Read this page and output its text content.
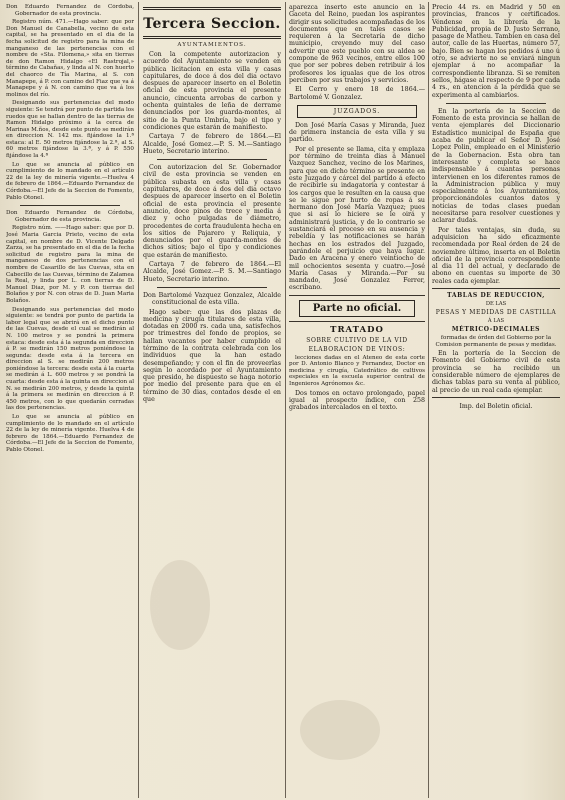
Don Eduardo Fernandez de Córdoba, Gobernador de esta provincia.

Registro núm. 471.—Hago saber: que por Don Manuel de Canabella, vecino de esta capital, se ha presentado en el dia de la fecha solicitud de registro para la mina de manganeso de las pertenencias con el nombre de «Sta. Filomena,» sita en tierras de don Ramon Hidalgo «El Rastrojal,» término de Cabañas, y linda al N. con huerto del chaorco de Tía Marina, al S. con Manapepe, á P. con camino del Fiaz que va á Manapepe y á N. con camino que va á los molinos del río.

Designando sus pertenencias del modo siguiente: Se tendrá por punto de partida los ruedos que se hallan dentro de las tierras de Ramon Hidalgo próximo á la cerca de Marinas M.ños, desde este punto se medirán en direccion N. 142 ms. fijándose la 1.ª estaca: al E. 50 metros fijándose la 2.ª, al S. 60 metros fijándose la 3.ª, y á P. 550 fijándose la 4.ª

Lo que se anuncia al público en cumplimiento de lo mandado en el artículo 22 de la ley de minería vigente.—Huelva 4 de febrero de 1864.—Eduardo Fernandez de Córdoba.—El Jefe de la Seccion de Fomento, Pablo Otonel.

Don Eduardo Fernandez de Córdoba, Gobernador de esta provincia.

Registro núm. ——Hago saber: que por D. José Maria Garcia Prieto, vecino de esta capital, en nombre de D. Vicente Delgado Zarza, se ha presentado en el dia de la fecha solicitud de registro para la mina de manganeso de dos pertenencias con el nombre de Casarillo de las Cuevas, sita en Cabecillo de las Cuevas, término de Zalamea la Real, y linda por L. con tierras de D. Manuel Diaz, por M. y P. con tierras del Bolaños y por N. con otras de D. Juan Maria Bolaños.

Designando sus pertenencias del modo siguiente: se tendrá por punto de partida la labor legal que se abrirá en el dicho punto de las Cuevas, desde el cual se medirán al N. 100 metros y se pondrá la primera estaca: desde esta á la segunda en direccion á P. se medirán 150 metros poniéndose la segunda: desde esta á la tercera en direccion al S. se medirán 200 metros poniéndose la tercera: desde esta á la cuarta se medirán á L. 600 metros y se pondrá la cuarta: desde esta á la quinta en direccion al N. se medirán 200 metros, y desde la quinta á la primera se medirán en direccion á P. 450 metros, con lo que quedarán cerradas las dos pertenencias.

Lo que se anuncia al público en cumplimiento de lo mandado en el artículo 22 de la ley de minería vigente. Huelva 4 de febrero de 1864.—Eduardo Fernandez de Córdoba.—El Jefe de la Seccion de Fomento, Pablo Otonel.

Tercera Seccion.
AYUNTAMIENTOS.

Con la competente autorizacion y acuerdo del Ayuntamiento se venden en pública licitacion en esta villa y casas capitulares, de doce á dos del dia octavo despues de aparecer inserto en el Boletin oficial de esta provincia el presente anuncio, cincuenta arrobas de carbon y ochenta quintales de leña de derrame denunciados por los guarda-montes, al sitio de la Punta Umbría, bajo el tipo y condiciones que estarán de manifiesto.

Cartaya 7 de febrero de 1864.—El Alcalde, José Gomez.—P. S. M.—Santiago Hueto, Secretario interino.

Con autorizacion del Sr. Gobernador civil de esta provincia se venden en pública subasta en esta villa y casas capitulares, de doce á dos del dia octavo despues de aparecer inserto en el Boletin oficial de esta provincia el presente anuncio, doce pinos de trece y media á diez y ocho pulgadas de diámetro, procedentes de corta fraudulenta hecha en los sitios de Pajarero y Reliquia, y denunciados por el guarda-montes de dichos sitios; bajo el tipo y condiciones que estarán de manifiesto.

Cartaya 7 de febrero de 1864.—El Alcalde, José Gomez.—P. S. M.—Santiago Hueto, Secretario interino.

Don Bartolomé Vazquez Gonzalez, Alcalde constitucional de esta villa.

Hago saber: que las dos plazas de medicina y cirugía titulares de esta villa, dotadas en 2000 rs. cada una, satisfechos por trimestres del fondo de propios, se hallan vacantes por haber cumplido el término de la contrata celebrada con los individuos que la han estado desempeñando; y con el fin de proveerlas según lo acordado por el Ayuntamiento que presido, he dispuesto se haga notorio por medio del presente para que en el término de 30 dias, contados desde el en que

aparezca inserto este anuncio en la Gaceta del Reino, puedan los aspirantes dirigir sus solicitudes acompañadas de los documentos que en tales casos se requieren á la Secretaría de dicho municipio, creyendo muy del caso advertir que este pueblo con su aldea se compone de 963 vecinos, entre ellos 100 que por ser pobres deben retribuir á los profesores los igualas que de los otros perciben por sus trabajos y servicios.

El Cerro y enero 18 de 1864.—Bartolomé V. Gonzalez.

JUZGADOS.

Don José María Casas y Miranda, Juez de primera instancia de esta villa y su partido.

Por el presente se llama, cita y emplaza por término de treinta dias á Manuel Vazquez Sanchez, vecino de los Marines, para que en dicho término se presente en este Juzgado y cárcel del partido á efecto de recibirle su indagatoria y contestar á los cargos que le resulten en la causa que se le sigue por hurto de ropas á su hermano don José María Vazquez; pues que si así lo hiciere se le oirá y administrará justicia, y de lo contrario se sustanciará el proceso en su ausencia y rebeldía y las notificaciones se harán hechas en los estrados del Juzgado, parándole el perjuicio que haya lugar. Dado en Aracena y enero veintiocho de mil ochocientos sesenta y cuatro.—José María Casas y Miranda.—Por su mandado, José Gonzalez Ferrer, escribano.

Parte no oficial.
TRATADO
SOBRE CULTIVO DE LA VID
ELABORACION DE VINOS:

lecciones dadas en el Ateneo de esta corte por D. Antonio Blanco y Fernandez, Doctor en medicina y cirugía, Catedrático de cultivos especiales en la escuela superior central de Ingenieros Agrónomos &c.

Dos tomos en octavo prolongado, papel igual al prospecto índice, con 258 grabados intercalados en el texto.

Precio 44 rs. en Madrid y 50 en provincias, francos y certificados. Véndense en la librería de la Publicidad, propia de D. Justo Serrano, pasage de Matheu. Tambien en casa del autor, calle de las Huertas, número 57, bajo. Bien se hagan los pedidos á uno ú otro, se advierte no se enviará ningun ejemplar á no acompañar la correspondiente libranza. Si se remiten sellos, hágase al respecto de 9 por cada 4 rs., en atencion á la pérdida que se experimenta al cambiarlos.

En la portería de la Seccion de Fomento de esta provincia se hallan de venta ejemplares del Diccionario Estadístico municipal de España que acaba de publicar el Señor D. José Lopez Polin, empleado en el Ministerio de la Gobernacion. Esta obra tan interesante y completa se hace indispensable á cuantas personas intervienen en los diferentes ramos de la Administracion pública y muy especialmente á los Ayuntamientos, proporcionándoles cuantos datos y noticias de todas clases puedan necesitarse para resolver cuestiones y aclarar dudas.

Por tales ventajas, sin duda, su adquisicion ha sido eficazmente recomendada por Real órden de 24 de noviembre último, inserta en el Boletin oficial de la provincia correspondiente al dia 11 del actual, y declarado de abono en cuentas su importe de 30 reales cada ejemplar.

TABLAS DE REDUCCION,
DE LAS
PESAS Y MEDIDAS DE CASTILLA
Á LAS
MÉTRICO-DECIMALES

formadas de órden del Gobierno por la Comision permanente de pesas y medidas.

En la portería de la Seccion de Fomento del Gobierno civil de esta provincia se ha recibido un considerable número de ejemplares de dichas tablas para su venta al público, al precio de un real cada ejemplar.

Imp. del Boletin oficial.
